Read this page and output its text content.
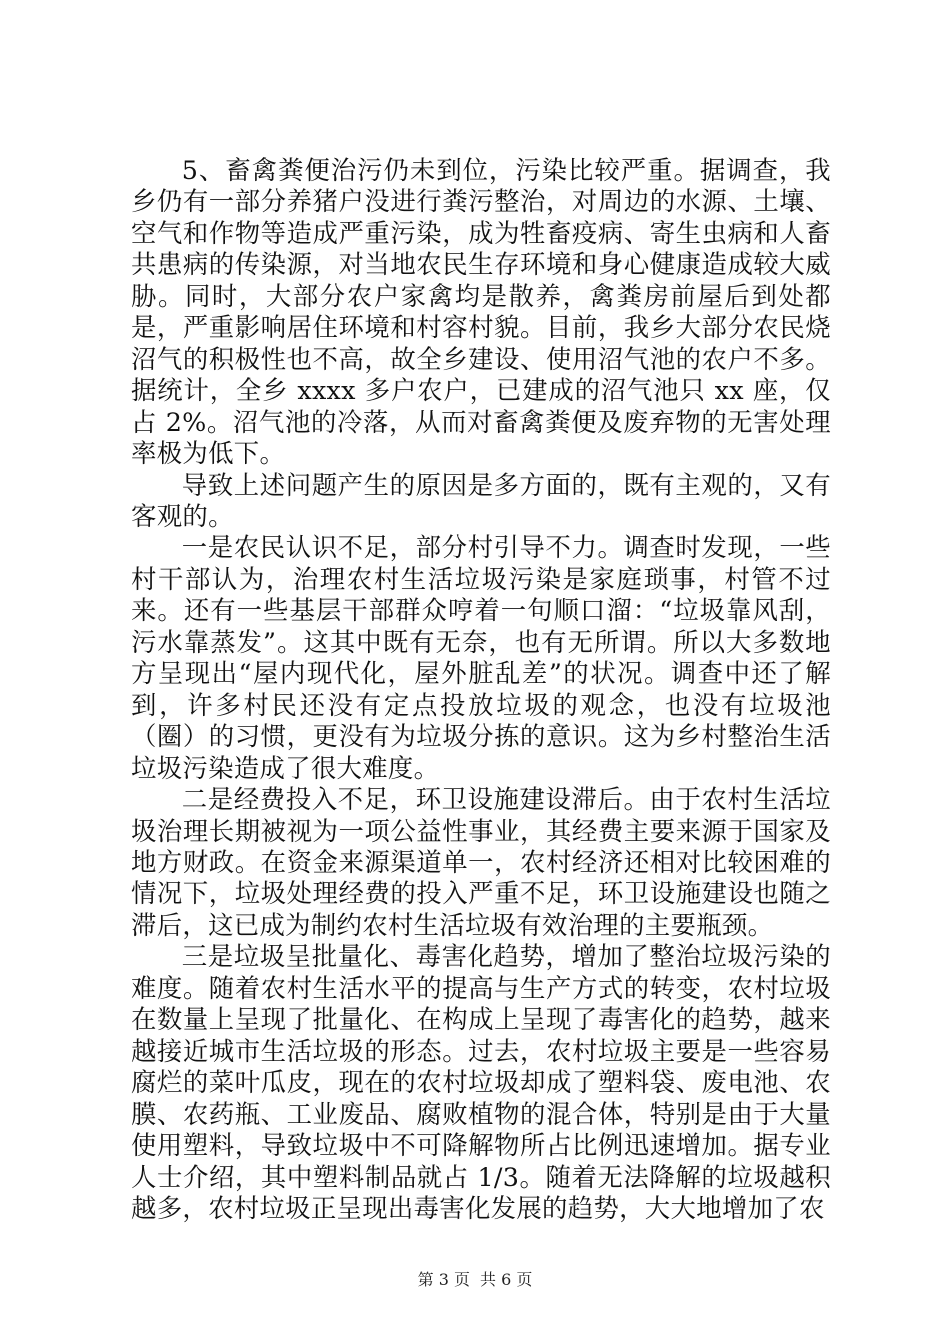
5、畜禽粪便治污仍未到位，污染比较严重。据调查，我乡仍有一部分养猪户没进行粪污整治，对周边的水源、土壤、空气和作物等造成严重污染，成为牲畜疫病、寄生虫病和人畜共患病的传染源，对当地农民生存环境和身心健康造成较大威胁。同时，大部分农户家禽均是散养，禽粪房前屋后到处都是，严重影响居住环境和村容村貌。目前，我乡大部分农民烧沼气的积极性也不高，故全乡建设、使用沼气池的农户不多。据统计，全乡 xxxx 多户农户，已建成的沼气池只 xx 座，仅占 2%。沼气池的冷落，从而对畜禽粪便及废弃物的无害处理率极为低下。

导致上述问题产生的原因是多方面的，既有主观的，又有客观的。

一是农民认识不足，部分村引导不力。调查时发现，一些村干部认为，治理农村生活垃圾污染是家庭琐事，村管不过来。还有一些基层干部群众哼着一句顺口溜：“垃圾靠风刮，污水靠蒸发”。这其中既有无奈，也有无所谓。所以大多数地方呈现出“屋内现代化，屋外脏乱差”的状况。调查中还了解到，许多村民还没有定点投放垃圾的观念，也没有垃圾池（圈）的习惯，更没有为垃圾分拣的意识。这为乡村整治生活垃圾污染造成了很大难度。

二是经费投入不足，环卫设施建设滞后。由于农村生活垃圾治理长期被视为一项公益性事业，其经费主要来源于国家及地方财政。在资金来源渠道单一，农村经济还相对比较困难的情况下，垃圾处理经费的投入严重不足，环卫设施建设也随之滞后，这已成为制约农村生活垃圾有效治理的主要瓶颈。

三是垃圾呈批量化、毒害化趋势，增加了整治垃圾污染的难度。随着农村生活水平的提高与生产方式的转变，农村垃圾在数量上呈现了批量化、在构成上呈现了毒害化的趋势，越来越接近城市生活垃圾的形态。过去，农村垃圾主要是一些容易腐烂的菜叶瓜皮，现在的农村垃圾却成了塑料袋、废电池、农膜、农药瓶、工业废品、腐败植物的混合体，特别是由于大量使用塑料，导致垃圾中不可降解物所占比例迅速增加。据专业人士介绍，其中塑料制品就占 1/3。随着无法降解的垃圾越积越多，农村垃圾正呈现出毒害化发展的趋势，大大地增加了农

第 3 页 共 6 页
